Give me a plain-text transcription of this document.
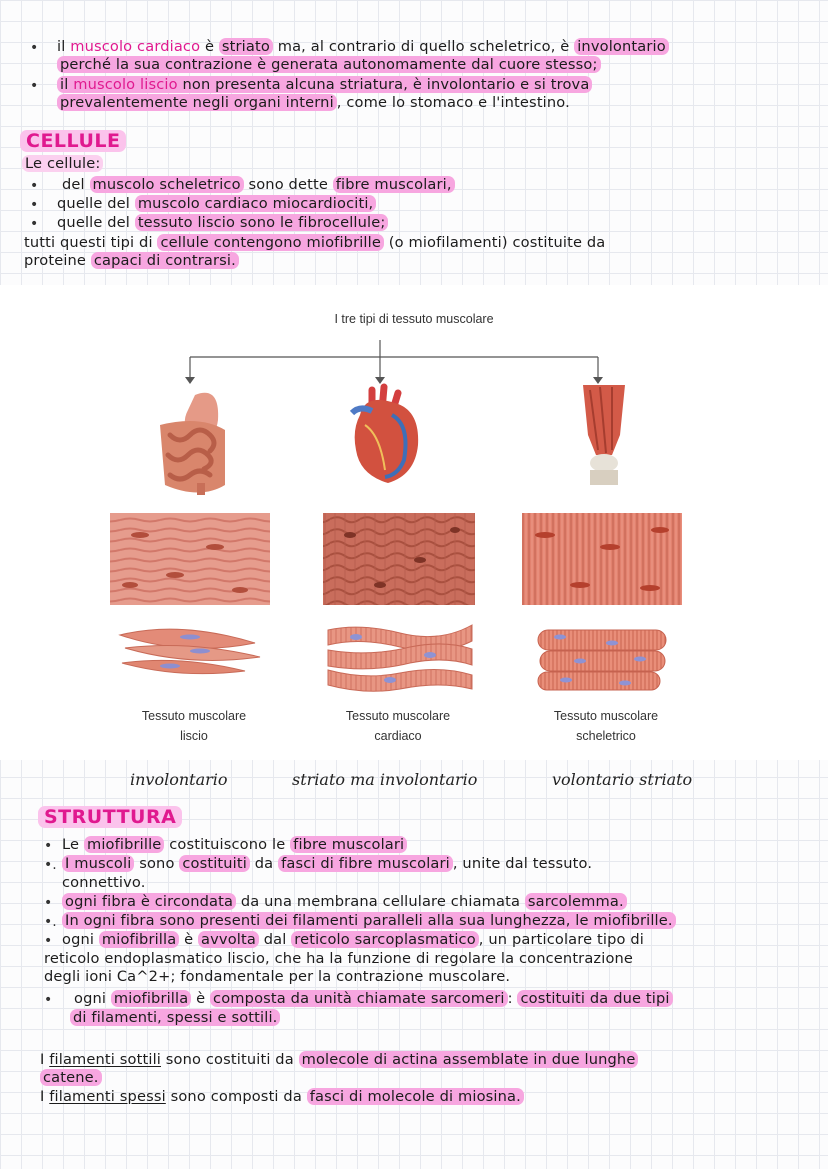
• il muscolo cardiaco è striato ma, al contrario di quello scheletrico, è involontario
perché la sua contrazione è generata autonomamente dal cuore stesso;
• il muscolo liscio non presenta alcuna striatura, è involontario e si trova
prevalentemente negli organi interni , come lo stomaco e l'intestino.
CELLULE
Le cellule:
• del muscolo scheletrico sono dette fibre muscolari,
• quelle del muscolo cardiaco miocardiociti,
• quelle del tessuto liscio sono le fibrocellule;
tutti questi tipi di cellule contengono miofibrille (o miofilamenti) costituite da
proteine capaci di contrarsi.
I tre tipi di tessuto muscolare
Tessuto muscolare
liscio
Tessuto muscolare
cardiaco
Tessuto muscolare
scheletrico
involontario	striato ma involontario	volontario striato
STRUTTURA
• Le miofibrille costituiscono le fibre muscolari
•. I muscoli sono costituiti da fasci di fibre muscolari , unite dal tessuto.
connettivo.
• ogni fibra è circondata da una membrana cellulare chiamata sarcolemma.
•. In ogni fibra sono presenti dei filamenti paralleli alla sua lunghezza, le miofibrille.
• ogni miofibrilla è avvolta dal reticolo sarcoplasmatico , un particolare tipo di
reticolo endoplasmatico liscio, che ha la funzione di regolare la concentrazione
degli ioni Ca^2+; fondamentale per la contrazione muscolare.
• ogni miofibrilla è composta da unità chiamate sarcomeri : costituiti da due tipi
di filamenti, spessi e sottili.
I filamenti sottili sono costituiti da molecole di actina assemblate in due lunghe
catene.
I filamenti spessi sono composti da fasci di molecole di miosina.
